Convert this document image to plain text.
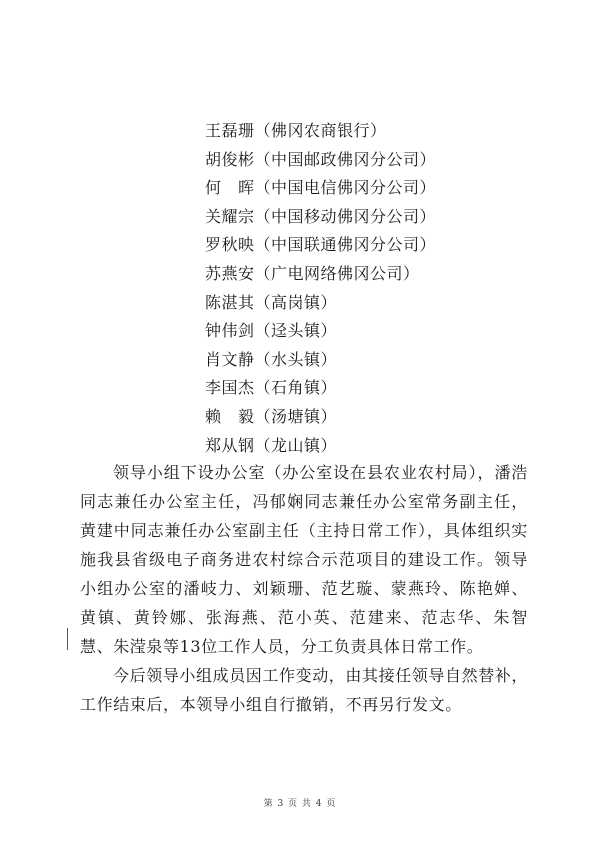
王磊珊（佛冈农商银行）
胡俊彬（中国邮政佛冈分公司）
何　晖（中国电信佛冈分公司）
关耀宗（中国移动佛冈分公司）
罗秋映（中国联通佛冈分公司）
苏燕安（广电网络佛冈公司）
陈湛其（高岗镇）
钟伟剑（迳头镇）
肖文静（水头镇）
李国杰（石角镇）
赖　毅（汤塘镇）
郑从钢（龙山镇）

领导小组下设办公室（办公室设在县农业农村局），潘浩同志兼任办公室主任，冯郁娴同志兼任办公室常务副主任，黄建中同志兼任办公室副主任（主持日常工作），具体组织实施我县省级电子商务进农村综合示范项目的建设工作。领导小组办公室的潘岐力、刘颖珊、范艺璇、蒙燕玲、陈艳婵、黄镇、黄铃娜、张海燕、范小英、范建来、范志华、朱智慧、朱滢泉等13位工作人员，分工负责具体日常工作。

今后领导小组成员因工作变动，由其接任领导自然替补，工作结束后，本领导小组自行撤销，不再另行发文。

第 3 页 共 4 页
